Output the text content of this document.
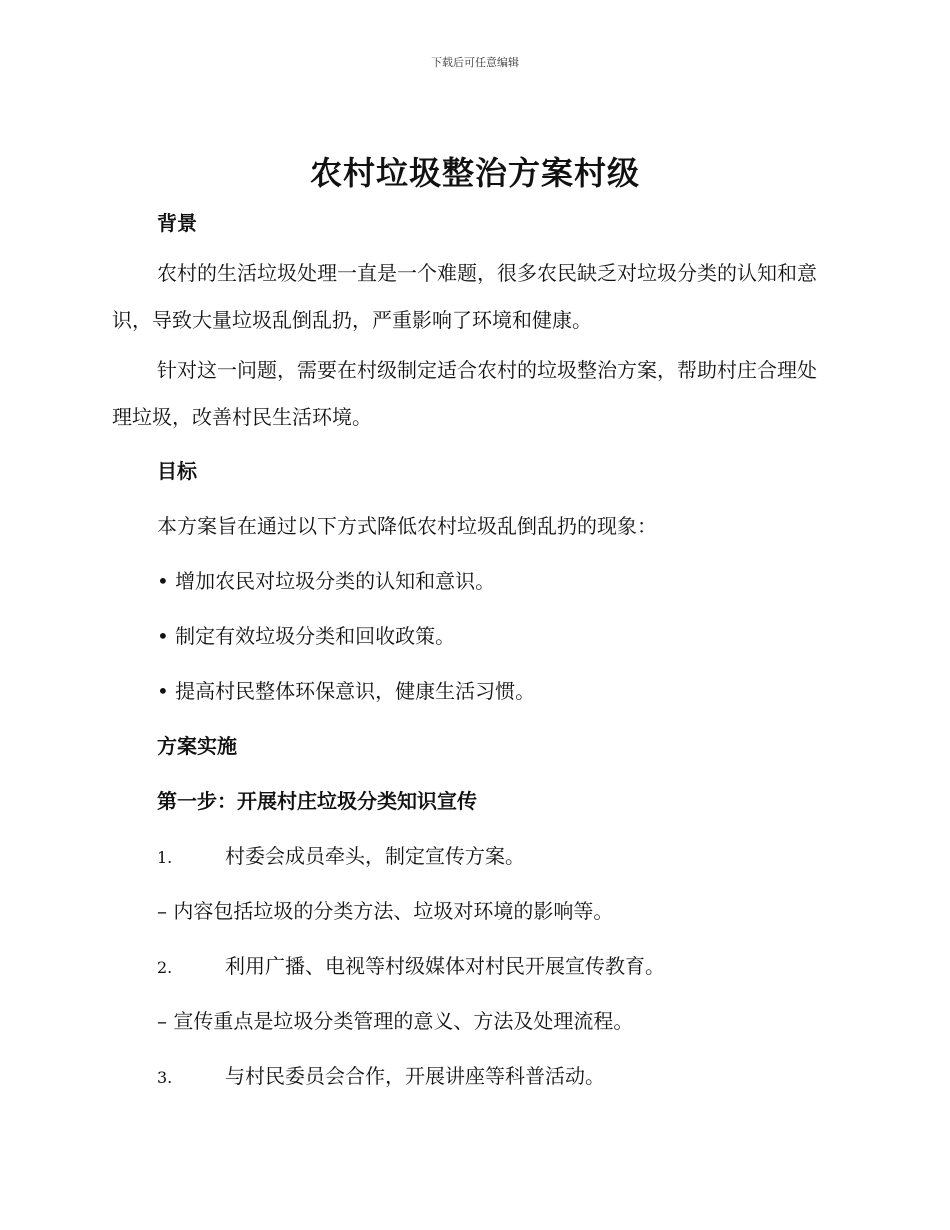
下载后可任意编辑
农村垃圾整治方案村级
背景

农村的生活垃圾处理一直是一个难题，很多农民缺乏对垃圾分类的认知和意识，导致大量垃圾乱倒乱扔，严重影响了环境和健康。

针对这一问题，需要在村级制定适合农村的垃圾整治方案，帮助村庄合理处理垃圾，改善村民生活环境。

目标
本方案旨在通过以下方式降低农村垃圾乱倒乱扔的现象：
• 增加农民对垃圾分类的认知和意识。
• 制定有效垃圾分类和回收政策。
• 提高村民整体环保意识，健康生活习惯。
方案实施
第一步：开展村庄垃圾分类知识宣传
1.	村委会成员牵头，制定宣传方案。
– 内容包括垃圾的分类方法、垃圾对环境的影响等。
2.	利用广播、电视等村级媒体对村民开展宣传教育。
– 宣传重点是垃圾分类管理的意义、方法及处理流程。
3.	与村民委员会合作，开展讲座等科普活动。
